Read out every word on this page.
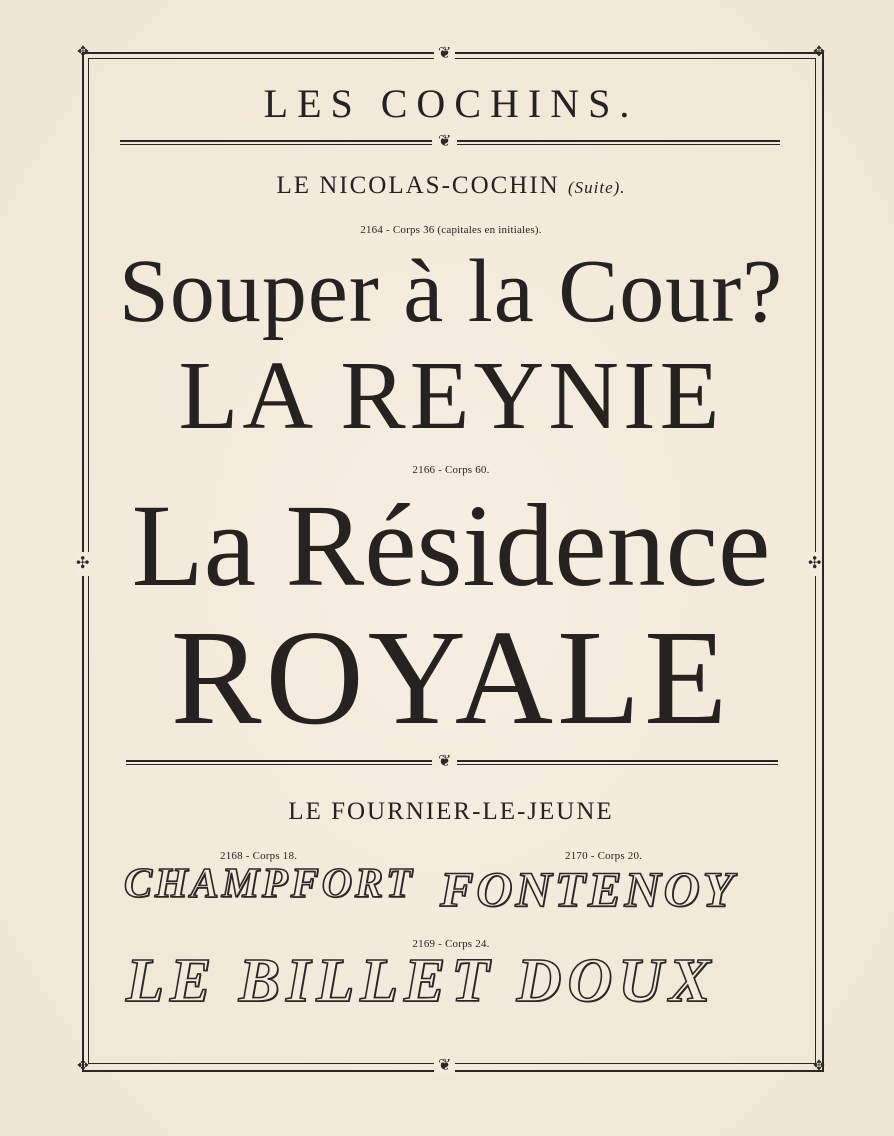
✥	✥
✥	✥
❦
❦
✣	✣
LES COCHINS.
❦
LE NICOLAS-COCHIN (Suite).
2164 - Corps 36 (capitales en initiales).
Souper à la Cour?
LA REYNIE
2166 - Corps 60.
La Résidence
ROYALE
❦
LE FOURNIER-LE-JEUNE
2168 - Corps 18.	2170 - Corps 20.
CHAMPFORT FONTENOY
2169 - Corps 24.
LE BILLET DOUX
